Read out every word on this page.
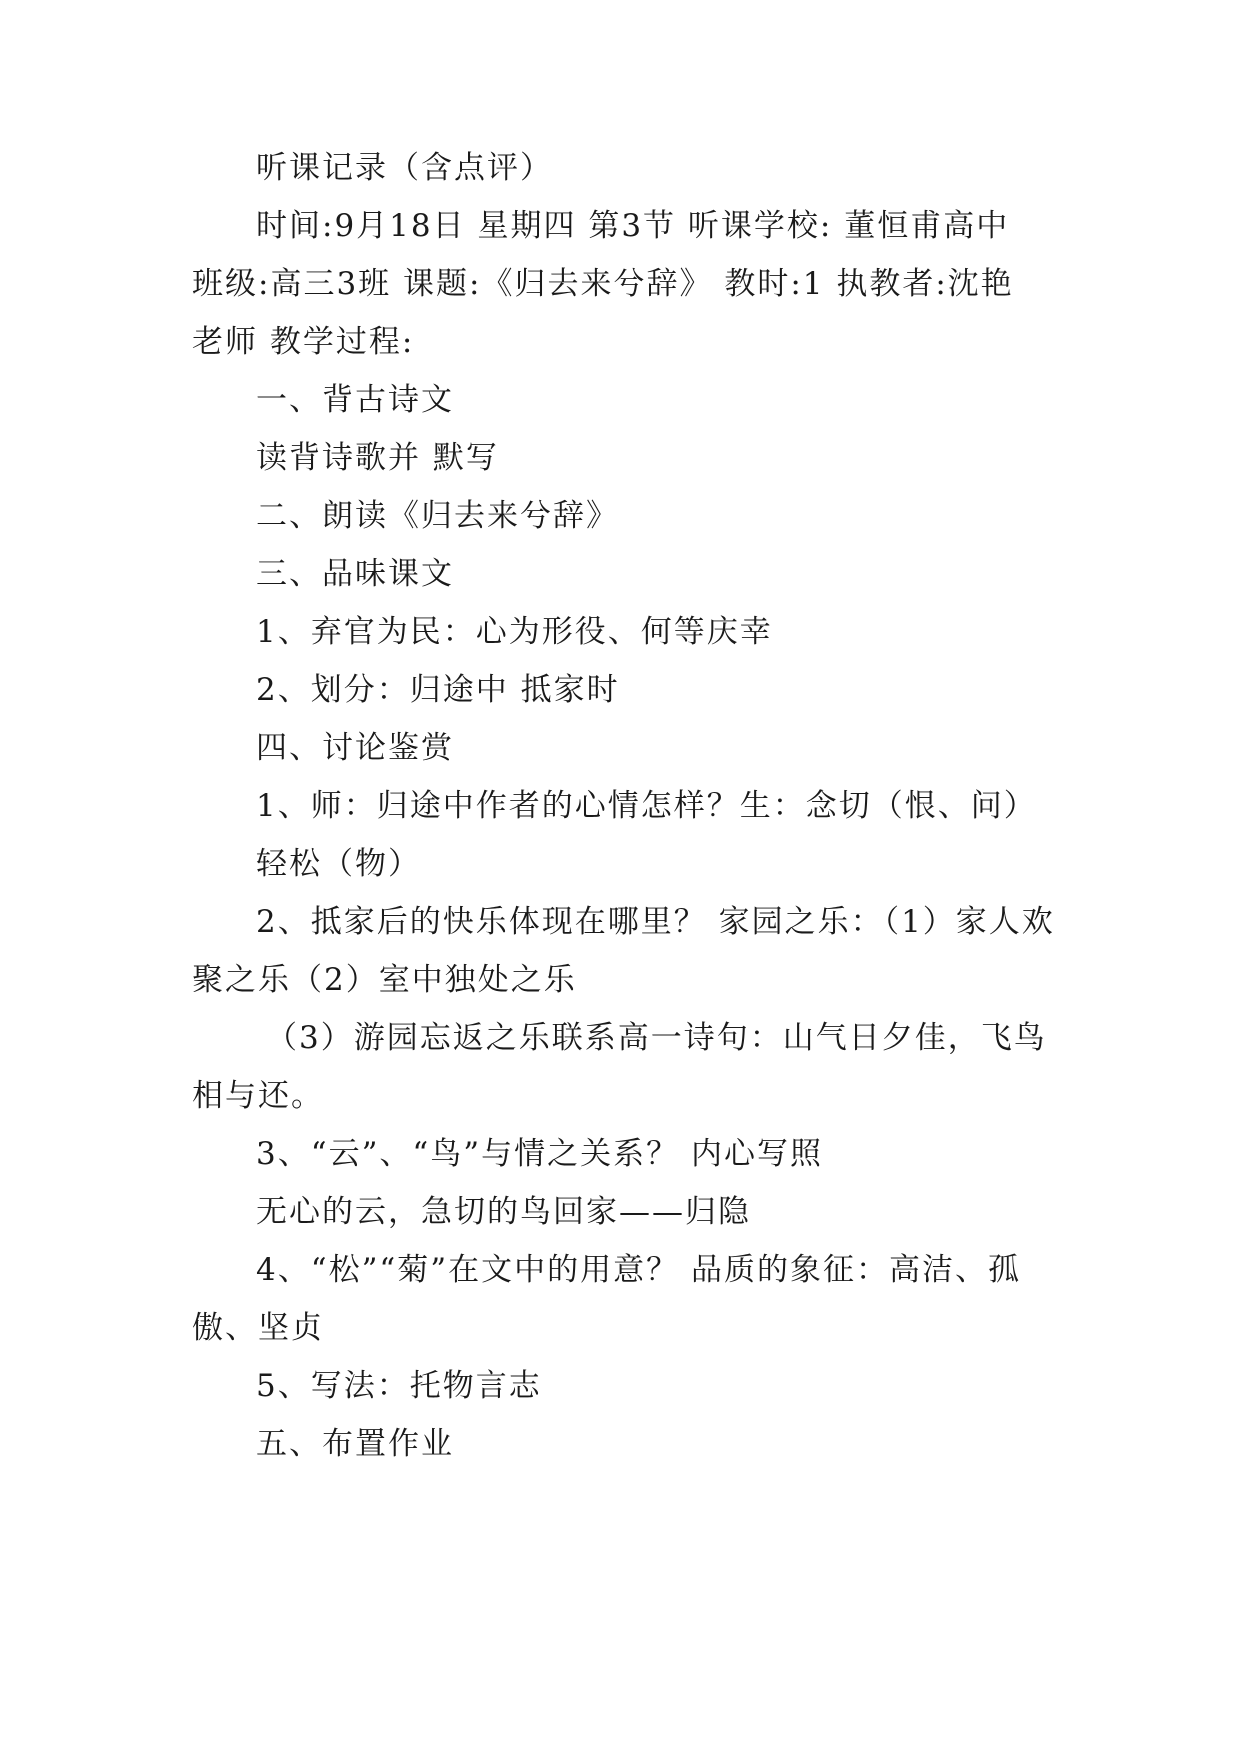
听课记录（含点评）
时间:9月18日 星期四 第3节 听课学校: 董恒甫高中
班级:高三3班 课题:《归去来兮辞》 教时:1 执教者:沈艳
老师 教学过程:
一、背古诗文
读背诗歌并 默写
二、朗读《归去来兮辞》
三、品味课文
1、弃官为民：心为形役、何等庆幸
2、划分：归途中 抵家时
四、讨论鉴赏
1、师：归途中作者的心情怎样？生：念切（恨、问）
轻松（物）
2、抵家后的快乐体现在哪里？ 家园之乐：（1）家人欢
聚之乐（2）室中独处之乐
（3）游园忘返之乐联系高一诗句：山气日夕佳，飞鸟
相与还。
3、“云”、“鸟”与情之关系？ 内心写照
无心的云，急切的鸟回家——归隐
4、“松”“菊”在文中的用意？ 品质的象征：高洁、孤
傲、坚贞
5、写法：托物言志
五、布置作业
